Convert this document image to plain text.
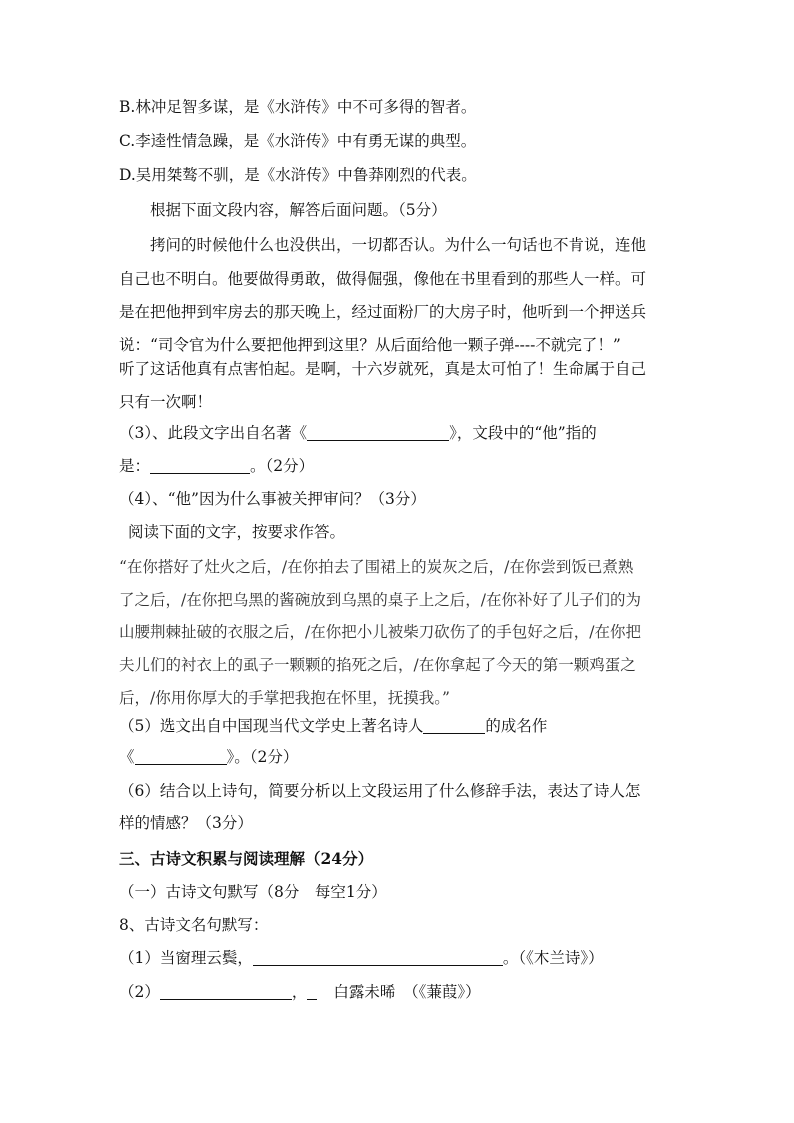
B.林冲足智多谋，是《水浒传》中不可多得的智者。
C.李逵性情急躁，是《水浒传》中有勇无谋的典型。
D.吴用桀骜不驯，是《水浒传》中鲁莽刚烈的代表。
根据下面文段内容，解答后面问题。（5分）
拷问的时候他什么也没供出，一切都否认。为什么一句话也不肯说，连他
自己也不明白。他要做得勇敢，做得倔强，像他在书里看到的那些人一样。可
是在把他押到牢房去的那天晚上，经过面粉厂的大房子时，他听到一个押送兵
说：“司令官为什么要把他押到这里？从后面给他一颗子弹----不就完了！”
听了这话他真有点害怕起。是啊，十六岁就死，真是太可怕了！生命属于自己
只有一次啊！
（3）、此段文字出自名著《	》，文段中的“他”指的
是：	。（2分）
（4）、“他”因为什么事被关押审问？（3分）
阅读下面的文字，按要求作答。
“在你搭好了灶火之后，/在你拍去了围裙上的炭灰之后，/在你尝到饭已煮熟
了之后，/在你把乌黑的酱碗放到乌黑的桌子上之后，/在你补好了儿子们的为
山腰荆棘扯破的衣服之后，/在你把小儿被柴刀砍伤了的手包好之后，/在你把
夫儿们的衬衣上的虱子一颗颗的掐死之后，/在你拿起了今天的第一颗鸡蛋之
后，/你用你厚大的手掌把我抱在怀里，抚摸我。”
（5）选文出自中国现当代文学史上著名诗人	的成名作
《	》。（2分）
（6）结合以上诗句，简要分析以上文段运用了什么修辞手法，表达了诗人怎
样的情感？（3分）
三、古诗文积累与阅读理解（24分）
（一）古诗文句默写（8分　每空1分）
8、古诗文名句默写：
（1）当窗理云鬓，	。（《木兰诗》）
（2）	， 白露未晞　（《蒹葭》）
